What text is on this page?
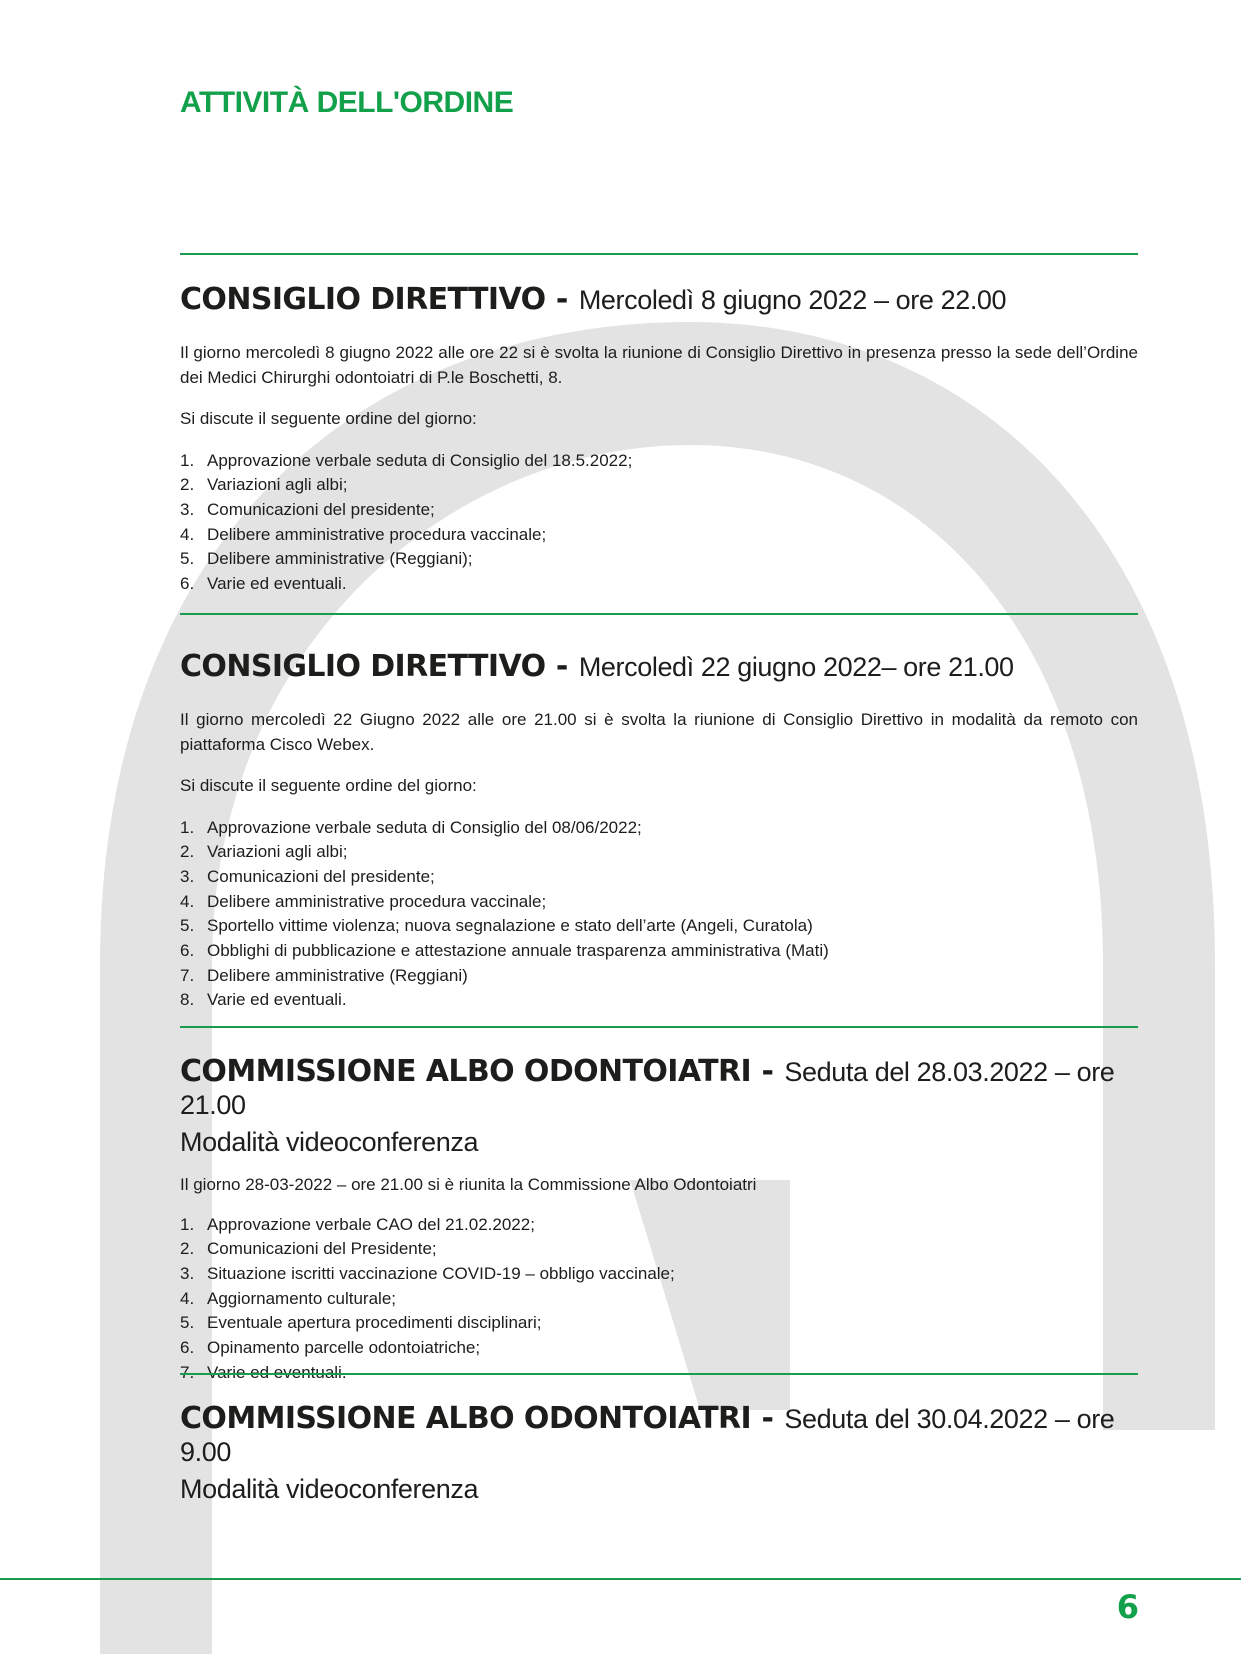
ATTIVITÀ DELL'ORDINE
CONSIGLIO DIRETTIVO - Mercoledì 8 giugno 2022 – ore 22.00

Il giorno mercoledì 8 giugno 2022 alle ore 22 si è svolta la riunione di Consiglio Direttivo in presenza presso la sede dell’Ordine dei Medici Chirurghi odontoiatri di P.le Boschetti, 8.

Si discute il seguente ordine del giorno:

1. Approvazione verbale seduta di Consiglio del 18.5.2022;
2. Variazioni agli albi;
3. Comunicazioni del presidente;
4. Delibere amministrative procedura vaccinale;
5. Delibere amministrative (Reggiani);
6. Varie ed eventuali.
CONSIGLIO DIRETTIVO - Mercoledì 22 giugno 2022– ore 21.00

Il giorno mercoledì 22 Giugno 2022 alle ore 21.00 si è svolta la riunione di Consiglio Direttivo in modalità da remoto con piattaforma Cisco Webex.

Si discute il seguente ordine del giorno:

1. Approvazione verbale seduta di Consiglio del 08/06/2022;
2. Variazioni agli albi;
3. Comunicazioni del presidente;
4. Delibere amministrative procedura vaccinale;
5. Sportello vittime violenza; nuova segnalazione e stato dell’arte (Angeli, Curatola)
6. Obblighi di pubblicazione e attestazione annuale trasparenza amministrativa (Mati)
7. Delibere amministrative (Reggiani)
8. Varie ed eventuali.
COMMISSIONE ALBO ODONTOIATRI - Seduta del 28.03.2022 – ore 21.00

Modalità videoconferenza

Il giorno 28-03-2022 – ore 21.00 si è riunita la Commissione Albo Odontoiatri

1. Approvazione verbale CAO del 21.02.2022;
2. Comunicazioni del Presidente;
3. Situazione iscritti vaccinazione COVID-19 – obbligo vaccinale;
4. Aggiornamento culturale;
5. Eventuale apertura procedimenti disciplinari;
6. Opinamento parcelle odontoiatriche;
7. Varie ed eventuali.
COMMISSIONE ALBO ODONTOIATRI - Seduta del 30.04.2022 – ore 9.00

Modalità videoconferenza

6
